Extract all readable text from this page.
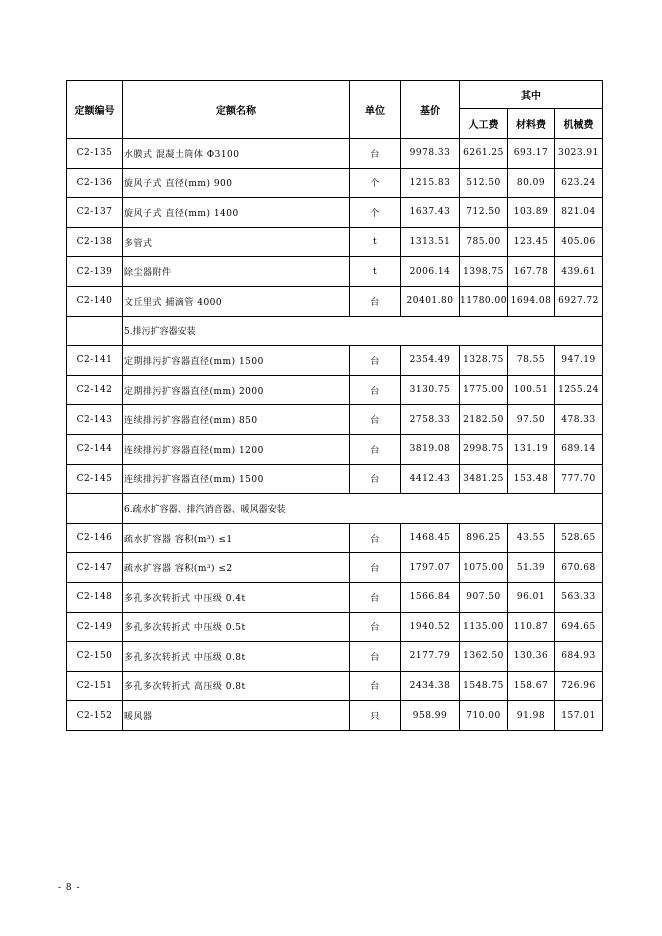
定额编号	定额名称	单位	基价	其中		
				人工费	材料费	机械费
C2-135	水膜式 混凝土筒体 Φ3100	台	9978.33	6261.25	693.17	3023.91
C2-136	旋风子式 直径(mm) 900	个	1215.83	512.50	80.09	623.24
C2-137	旋风子式 直径(mm) 1400	个	1637.43	712.50	103.89	821.04
C2-138	多管式	t	1313.51	785.00	123.45	405.06
C2-139	除尘器附件	t	2006.14	1398.75	167.78	439.61
C2-140	文丘里式 捕滴管 4000	台	20401.80	11780.00	1694.08	6927.72
	5.排污扩容器安装					
C2-141	定期排污扩容器直径(mm) 1500	台	2354.49	1328.75	78.55	947.19
C2-142	定期排污扩容器直径(mm) 2000	台	3130.75	1775.00	100.51	1255.24
C2-143	连续排污扩容器直径(mm) 850	台	2758.33	2182.50	97.50	478.33
C2-144	连续排污扩容器直径(mm) 1200	台	3819.08	2998.75	131.19	689.14
C2-145	连续排污扩容器直径(mm) 1500	台	4412.43	3481.25	153.48	777.70
	6.疏水扩容器、排汽消音器、暖风器安装					
C2-146	疏水扩容器 容积(m³) ≤1	台	1468.45	896.25	43.55	528.65
C2-147	疏水扩容器 容积(m³) ≤2	台	1797.07	1075.00	51.39	670.68
C2-148	多孔多次转折式 中压级 0.4t	台	1566.84	907.50	96.01	563.33
C2-149	多孔多次转折式 中压级 0.5t	台	1940.52	1135.00	110.87	694.65
C2-150	多孔多次转折式 中压级 0.8t	台	2177.79	1362.50	130.36	684.93
C2-151	多孔多次转折式 高压级 0.8t	台	2434.38	1548.75	158.67	726.96
C2-152	暖风器	只	958.99	710.00	91.98	157.01
- 8 -
